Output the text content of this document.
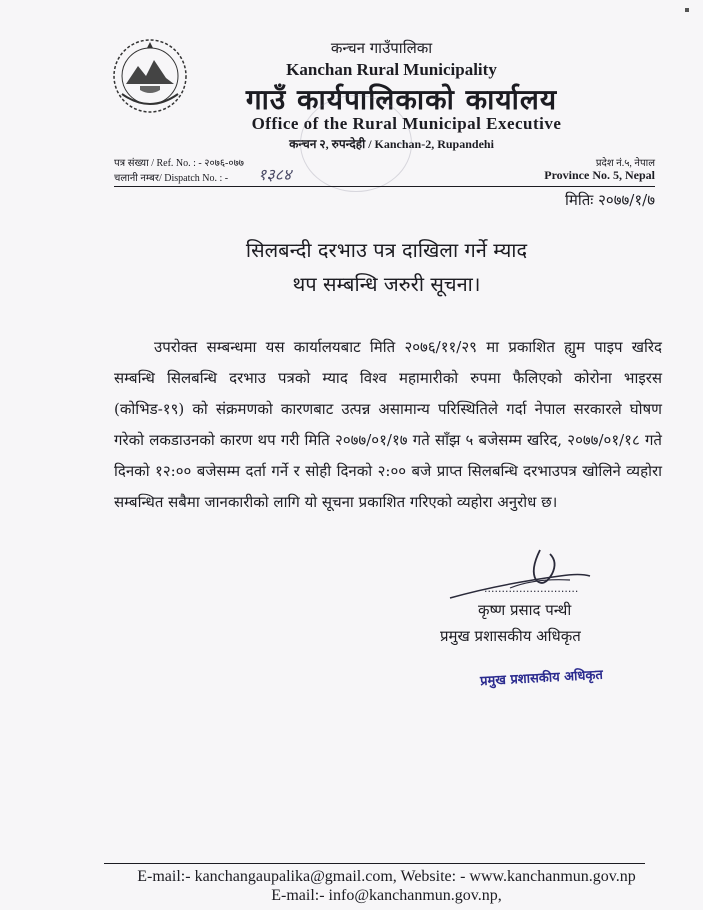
कन्चन गाउँपालिका
Kanchan Rural Municipality
गाउँ कार्यपालिकाको कार्यालय
Office of the Rural Municipal Executive
कन्चन २, रुपन्देही / Kanchan-2, Rupandehi
पत्र संख्या / Ref. No. : - २०७६-०७७
चलानी नम्बर/ Dispatch No. : - १३८४
प्रदेश नं.५, नेपाल
Province No. 5, Nepal
मितिः २०७७/१/७
सिलबन्दी दरभाउ पत्र दाखिला गर्ने म्याद
थप सम्बन्धि जरुरी सूचना।
उपरोक्त सम्बन्धमा यस कार्यालयबाट मिति २०७६/११/२९ मा प्रकाशित ह्युम पाइप खरिद सम्बन्धि सिलबन्धि दरभाउ पत्रको म्याद विश्व महामारीको रुपमा फैलिएको कोरोना भाइरस (कोभिड-१९) को संक्रमणको कारणबाट उत्पन्न असामान्य परिस्थितिले गर्दा नेपाल सरकारले घोषण गरेको लकडाउनको कारण थप गरी मिति २०७७/०१/१७ गते साँझ ५ बजेसम्म खरिद, २०७७/०१/१८ गते दिनको १२:०० बजेसम्म दर्ता गर्ने र सोही दिनको २:०० बजे प्राप्त सिलबन्धि दरभाउपत्र खोलिने व्यहोरा सम्बन्धित सबैमा जानकारीको लागि यो सूचना प्रकाशित गरिएको व्यहोरा अनुरोध छ।
...........................
कृष्ण प्रसाद पन्थी
प्रमुख प्रशासकीय अधिकृत
प्रमुख प्रशासकीय अधिकृत
E-mail:- kanchangaupalika@gmail.com, Website: - www.kanchanmun.gov.np
E-mail:- info@kanchanmun.gov.np,
